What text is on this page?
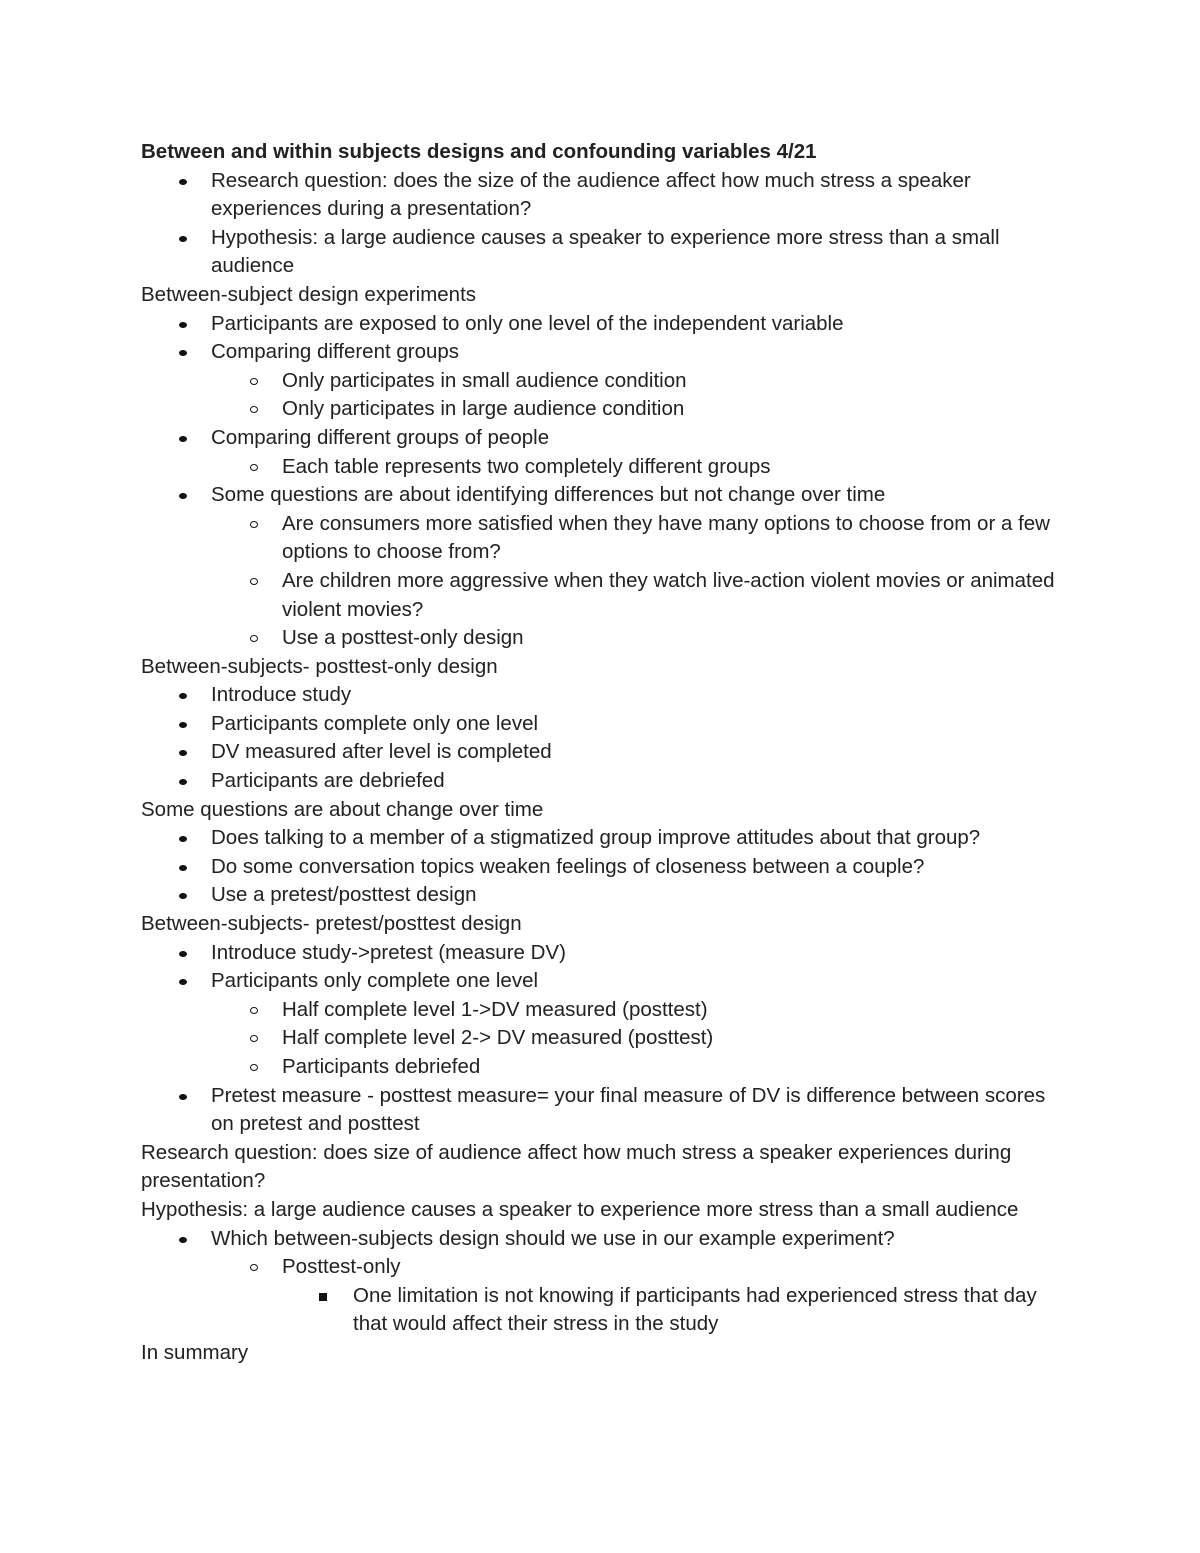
Between and within subjects designs and confounding variables 4/21
Research question: does the size of the audience affect how much stress a speaker experiences during a presentation?
Hypothesis: a large audience causes a speaker to experience more stress than a small audience
Between-subject design experiments
Participants are exposed to only one level of the independent variable
Comparing different groups
Only participates in small audience condition
Only participates in large audience condition
Comparing different groups of people
Each table represents two completely different groups
Some questions are about identifying differences but not change over time
Are consumers more satisfied when they have many options to choose from or a few options to choose from?
Are children more aggressive when they watch live-action violent movies or animated violent movies?
Use a posttest-only design
Between-subjects- posttest-only design
Introduce study
Participants complete only one level
DV measured after level is completed
Participants are debriefed
Some questions are about change over time
Does talking to a member of a stigmatized group improve attitudes about that group?
Do some conversation topics weaken feelings of closeness between a couple?
Use a pretest/posttest design
Between-subjects- pretest/posttest design
Introduce study->pretest (measure DV)
Participants only complete one level
Half complete level 1->DV measured (posttest)
Half complete level 2-> DV measured (posttest)
Participants debriefed
Pretest measure - posttest measure= your final measure of DV is difference between scores on pretest and posttest
Research question: does size of audience affect how much stress a speaker experiences during presentation?
Hypothesis: a large audience causes a speaker to experience more stress than a small audience
Which between-subjects design should we use in our example experiment?
Posttest-only
One limitation is not knowing if participants had experienced stress that day that would affect their stress in the study
In summary
